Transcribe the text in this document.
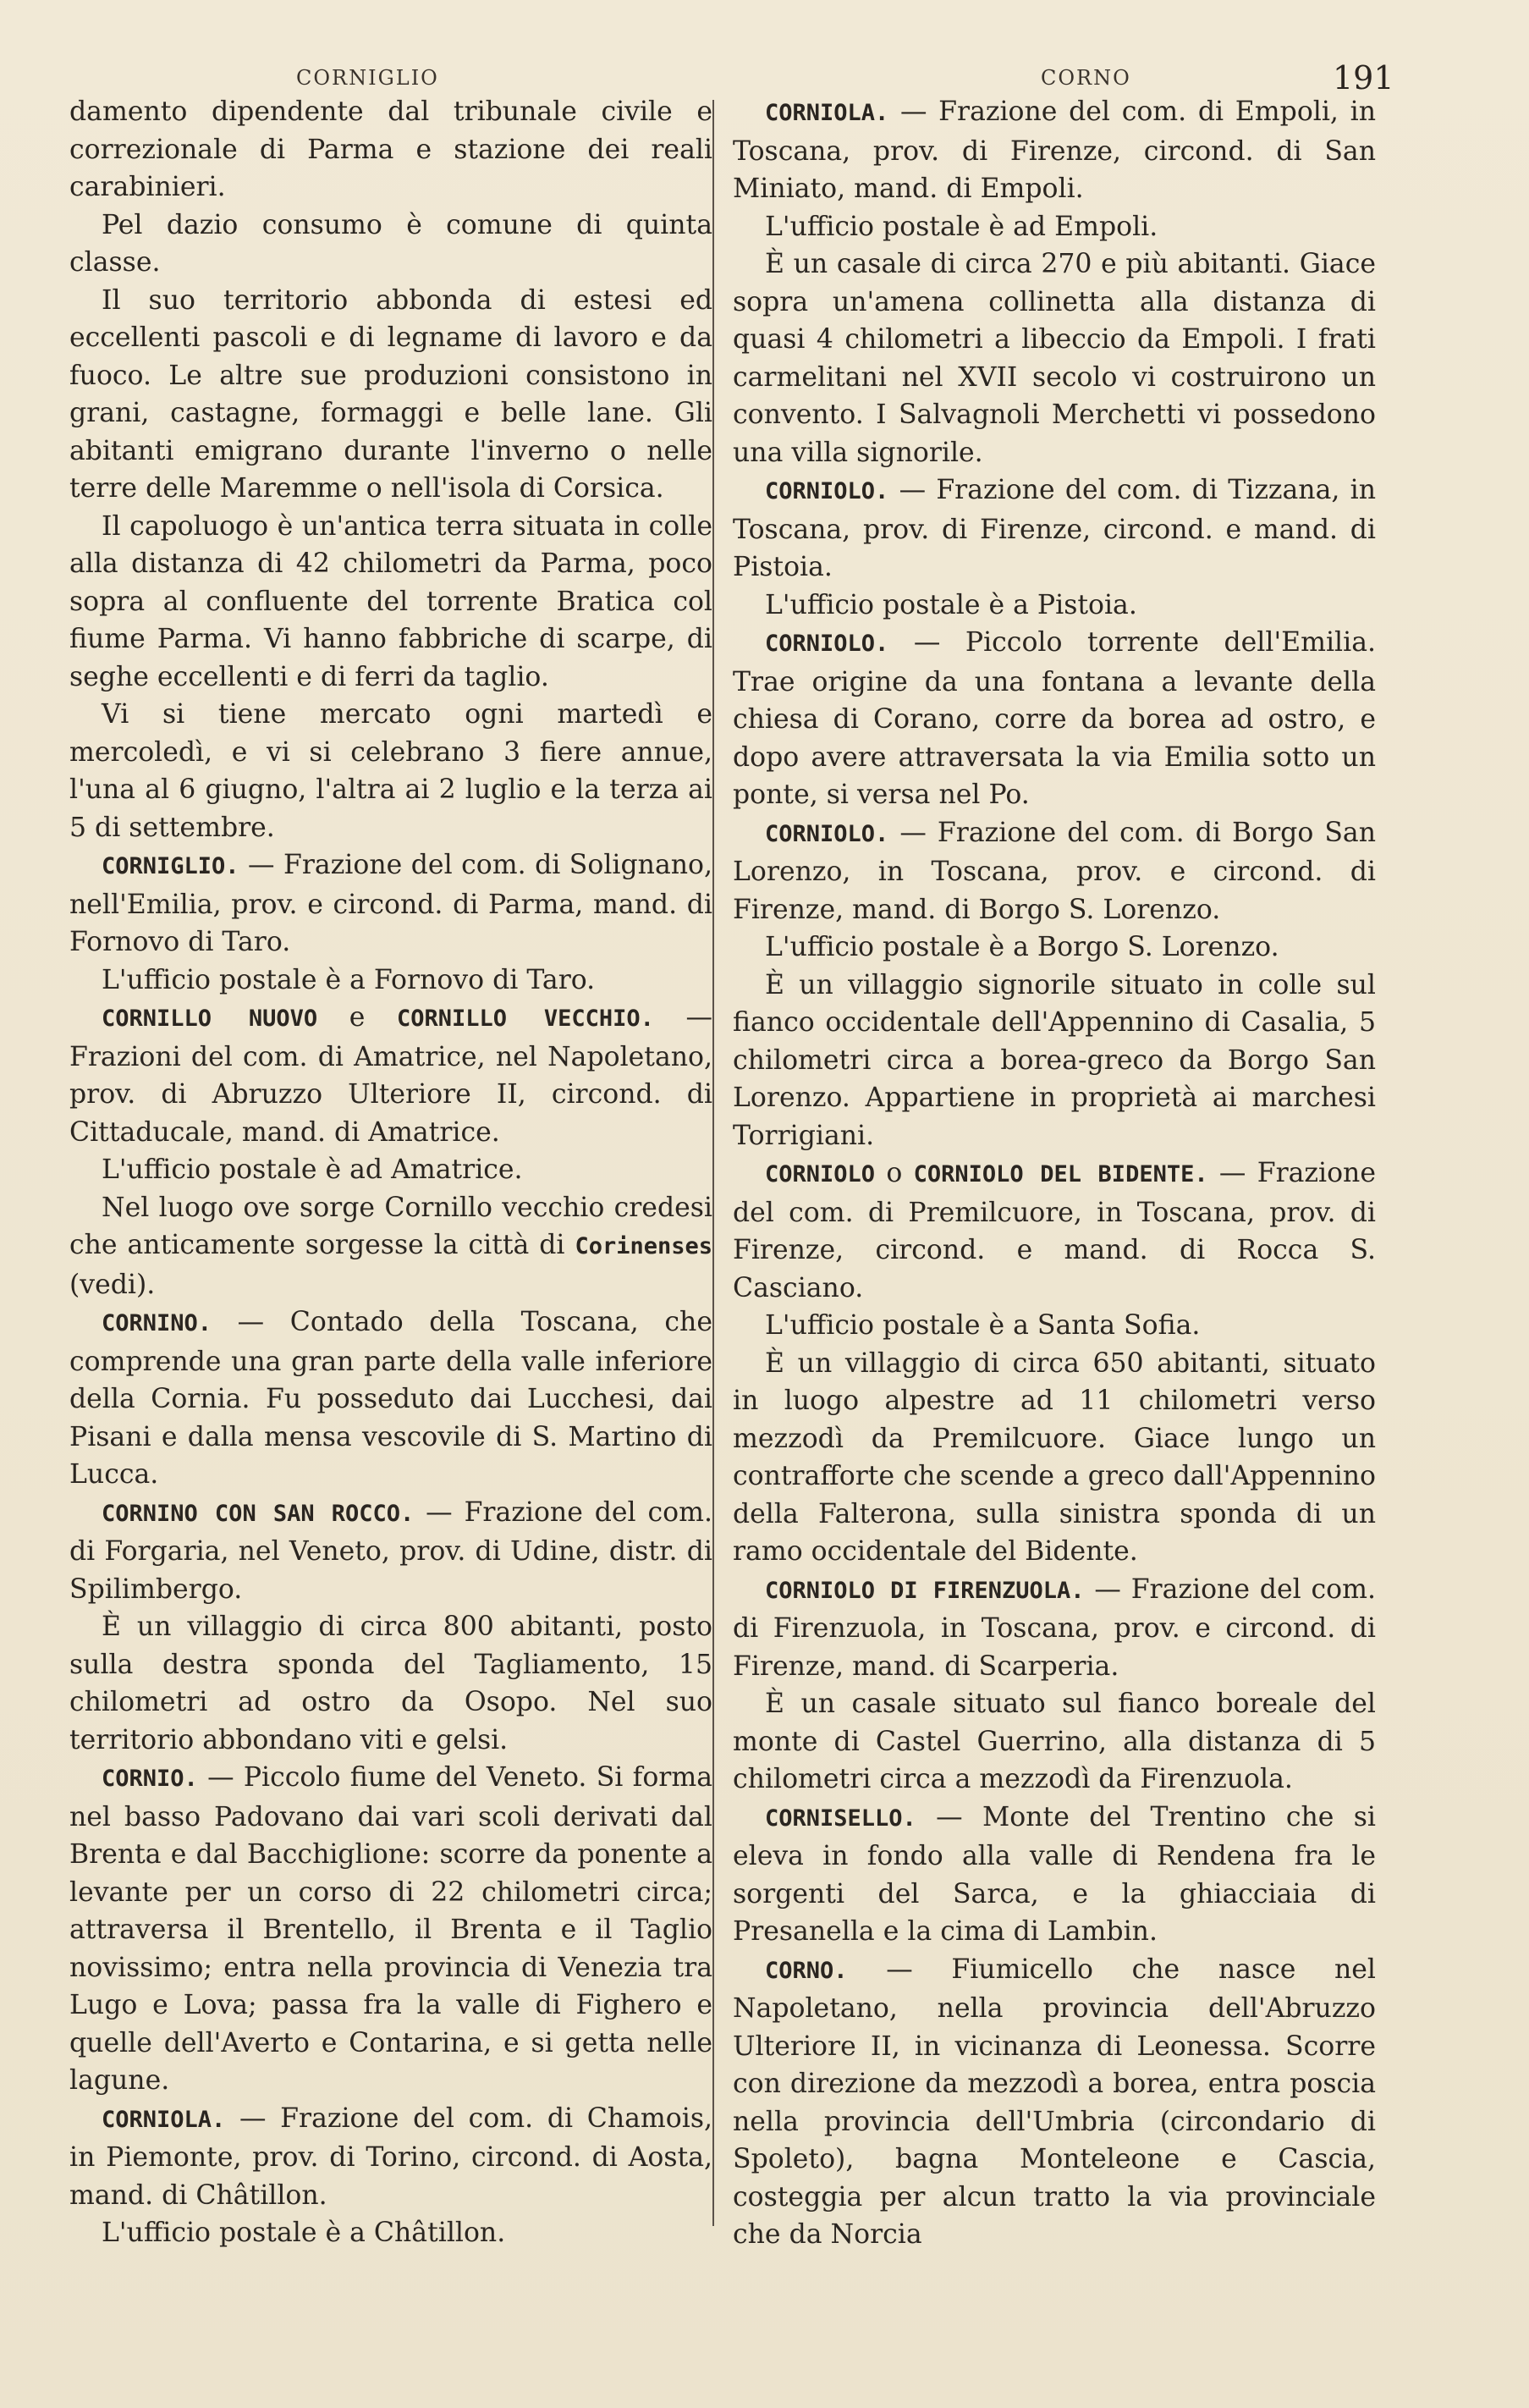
CORNIGLIO	CORNO	191

damento dipendente dal tribunale civile e correzionale di Parma e stazione dei reali carabinieri.

Pel dazio consumo è comune di quinta classe.

Il suo territorio abbonda di estesi ed eccellenti pascoli e di legname di lavoro e da fuoco. Le altre sue produzioni consistono in grani, castagne, formaggi e belle lane. Gli abitanti emigrano durante l'inverno o nelle terre delle Maremme o nell'isola di Corsica.

Il capoluogo è un'antica terra situata in colle alla distanza di 42 chilometri da Parma, poco sopra al confluente del torrente Bratica col fiume Parma. Vi hanno fabbriche di scarpe, di seghe eccellenti e di ferri da taglio.

Vi si tiene mercato ogni martedì e mercoledì, e vi si celebrano 3 fiere annue, l'una al 6 giugno, l'altra ai 2 luglio e la terza ai 5 di settembre.

CORNIGLIO. — Frazione del com. di Solignano, nell'Emilia, prov. e circond. di Parma, mand. di Fornovo di Taro.

L'ufficio postale è a Fornovo di Taro.

CORNILLO NUOVO e CORNILLO VECCHIO. — Frazioni del com. di Amatrice, nel Napoletano, prov. di Abruzzo Ulteriore II, circond. di Cittaducale, mand. di Amatrice.

L'ufficio postale è ad Amatrice.

Nel luogo ove sorge Cornillo vecchio credesi che anticamente sorgesse la città di Corinenses (vedi).

CORNINO. — Contado della Toscana, che comprende una gran parte della valle inferiore della Cornia. Fu posseduto dai Lucchesi, dai Pisani e dalla mensa vescovile di S. Martino di Lucca.

CORNINO CON SAN ROCCO. — Frazione del com. di Forgaria, nel Veneto, prov. di Udine, distr. di Spilimbergo.

È un villaggio di circa 800 abitanti, posto sulla destra sponda del Tagliamento, 15 chilometri ad ostro da Osopo. Nel suo territorio abbondano viti e gelsi.

CORNIO. — Piccolo fiume del Veneto. Si forma nel basso Padovano dai vari scoli derivati dal Brenta e dal Bacchiglione: scorre da ponente a levante per un corso di 22 chilometri circa; attraversa il Brentello, il Brenta e il Taglio novissimo; entra nella provincia di Venezia tra Lugo e Lova; passa fra la valle di Fighero e quelle dell'Averto e Contarina, e si getta nelle lagune.

CORNIOLA. — Frazione del com. di Chamois, in Piemonte, prov. di Torino, circond. di Aosta, mand. di Châtillon.

L'ufficio postale è a Châtillon.

CORNIOLA. — Frazione del com. di Empoli, in Toscana, prov. di Firenze, circond. di San Miniato, mand. di Empoli.

L'ufficio postale è ad Empoli.

È un casale di circa 270 e più abitanti. Giace sopra un'amena collinetta alla distanza di quasi 4 chilometri a libeccio da Empoli. I frati carmelitani nel XVII secolo vi costruirono un convento. I Salvagnoli Merchetti vi possedono una villa signorile.

CORNIOLO. — Frazione del com. di Tizzana, in Toscana, prov. di Firenze, circond. e mand. di Pistoia.

L'ufficio postale è a Pistoia.

CORNIOLO. — Piccolo torrente dell'Emilia. Trae origine da una fontana a levante della chiesa di Corano, corre da borea ad ostro, e dopo avere attraversata la via Emilia sotto un ponte, si versa nel Po.

CORNIOLO. — Frazione del com. di Borgo San Lorenzo, in Toscana, prov. e circond. di Firenze, mand. di Borgo S. Lorenzo.

L'ufficio postale è a Borgo S. Lorenzo.

È un villaggio signorile situato in colle sul fianco occidentale dell'Appennino di Casalia, 5 chilometri circa a borea-greco da Borgo San Lorenzo. Appartiene in proprietà ai marchesi Torrigiani.

CORNIOLO o CORNIOLO DEL BIDENTE. — Frazione del com. di Premilcuore, in Toscana, prov. di Firenze, circond. e mand. di Rocca S. Casciano.

L'ufficio postale è a Santa Sofia.

È un villaggio di circa 650 abitanti, situato in luogo alpestre ad 11 chilometri verso mezzodì da Premilcuore. Giace lungo un contrafforte che scende a greco dall'Appennino della Falterona, sulla sinistra sponda di un ramo occidentale del Bidente.

CORNIOLO DI FIRENZUOLA. — Frazione del com. di Firenzuola, in Toscana, prov. e circond. di Firenze, mand. di Scarperia.

È un casale situato sul fianco boreale del monte di Castel Guerrino, alla distanza di 5 chilometri circa a mezzodì da Firenzuola.

CORNISELLO. — Monte del Trentino che si eleva in fondo alla valle di Rendena fra le sorgenti del Sarca, e la ghiacciaia di Presanella e la cima di Lambin.

CORNO. — Fiumicello che nasce nel Napoletano, nella provincia dell'Abruzzo Ulteriore II, in vicinanza di Leonessa. Scorre con direzione da mezzodì a borea, entra poscia nella provincia dell'Umbria (circondario di Spoleto), bagna Monteleone e Cascia, costeggia per alcun tratto la via provinciale che da Norcia
